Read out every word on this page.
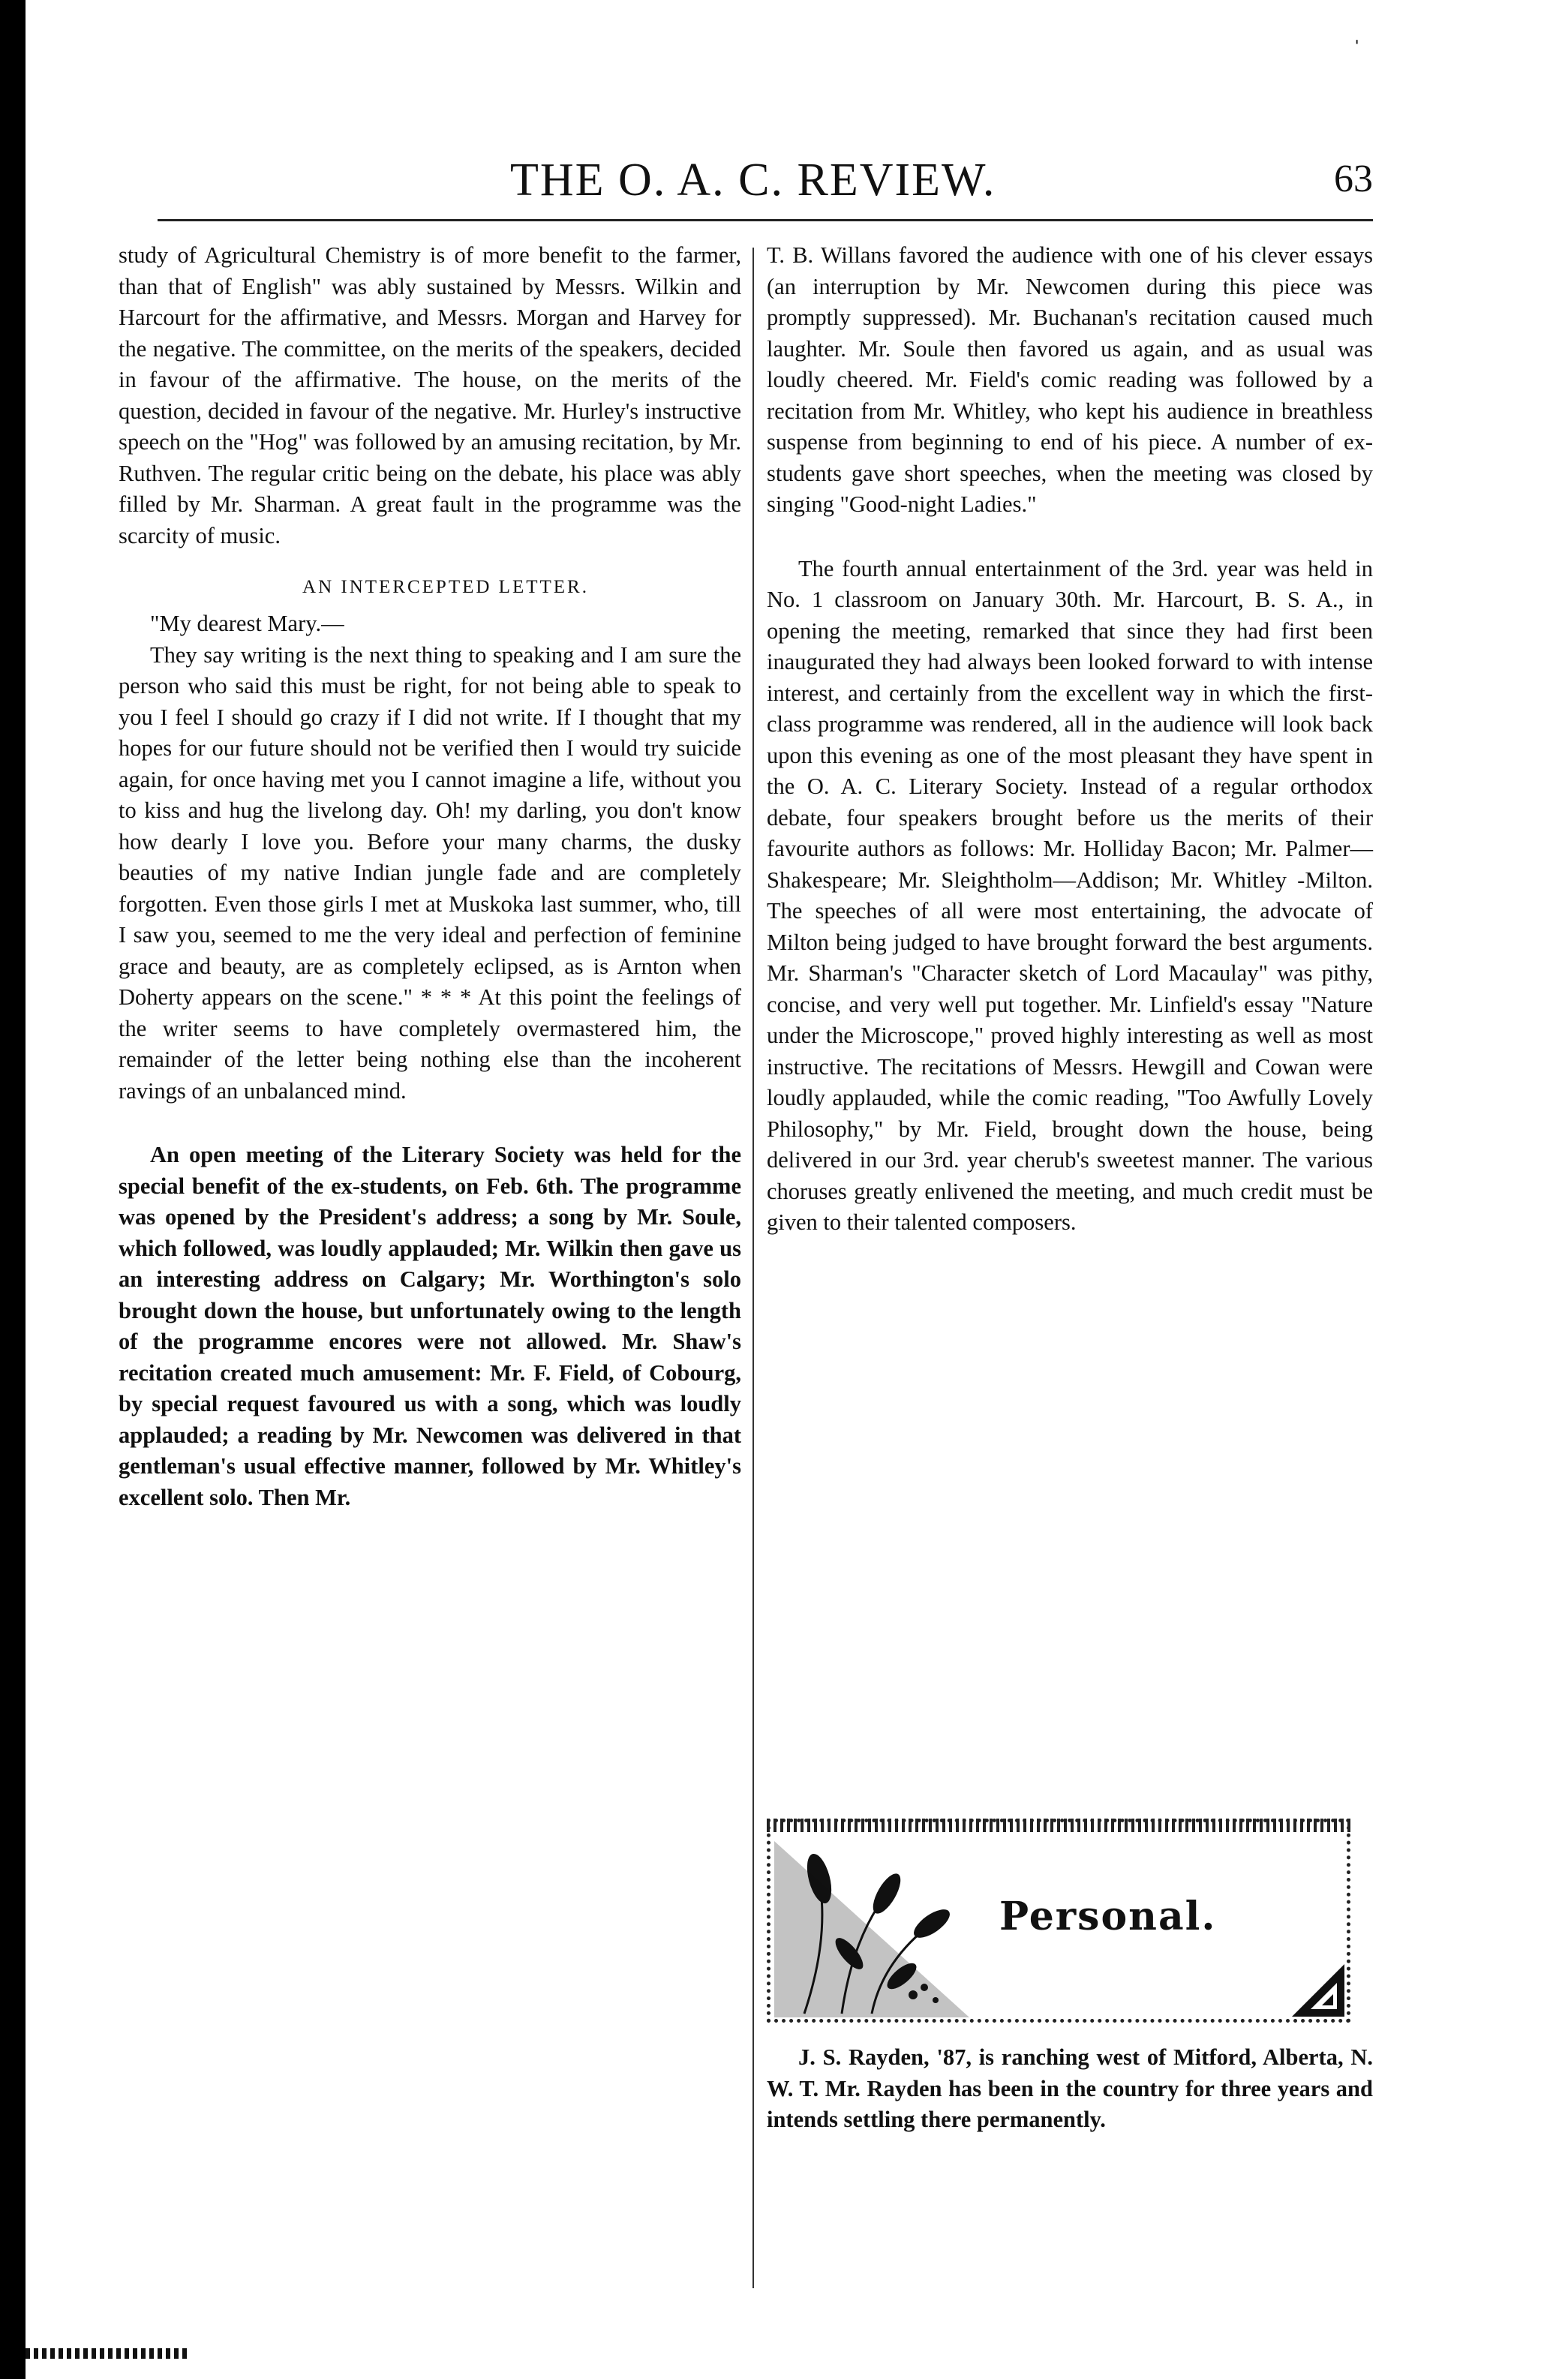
ˈ
THE O. A. C. REVIEW.	63

study of Agricultural Chemistry is of more benefit to the farmer, than that of English" was ably sustained by Messrs. Wilkin and Harcourt for the affirmative, and Messrs. Morgan and Harvey for the negative. The committee, on the merits of the speakers, decided in favour of the affirmative. The house, on the merits of the question, decided in favour of the negative. Mr. Hurley's instructive speech on the "Hog" was followed by an amusing recitation, by Mr. Ruthven. The regular critic being on the debate, his place was ably filled by Mr. Sharman. A great fault in the programme was the scarcity of music.

AN INTERCEPTED LETTER.

"My dearest Mary.—

They say writing is the next thing to speaking and I am sure the person who said this must be right, for not being able to speak to you I feel I should go crazy if I did not write. If I thought that my hopes for our future should not be verified then I would try suicide again, for once having met you I cannot imagine a life, without you to kiss and hug the livelong day. Oh! my darling, you don't know how dearly I love you. Before your many charms, the dusky beauties of my native Indian jungle fade and are completely forgotten. Even those girls I met at Muskoka last summer, who, till I saw you, seemed to me the very ideal and perfection of feminine grace and beauty, are as completely eclipsed, as is Arnton when Doherty appears on the scene." * * * At this point the feelings of the writer seems to have completely overmastered him, the remainder of the letter being nothing else than the incoherent ravings of an unbalanced mind.

An open meeting of the Literary Society was held for the special benefit of the ex-students, on Feb. 6th. The programme was opened by the President's address; a song by Mr. Soule, which followed, was loudly applauded; Mr. Wilkin then gave us an interesting address on Calgary; Mr. Worthington's solo brought down the house, but unfortunately owing to the length of the programme encores were not allowed. Mr. Shaw's recitation created much amusement: Mr. F. Field, of Cobourg, by special request favoured us with a song, which was loudly applauded; a reading by Mr. Newcomen was delivered in that gentleman's usual effective manner, followed by Mr. Whitley's excellent solo. Then Mr.

T. B. Willans favored the audience with one of his clever essays (an interruption by Mr. Newcomen during this piece was promptly suppressed). Mr. Buchanan's recitation caused much laughter. Mr. Soule then favored us again, and as usual was loudly cheered. Mr. Field's comic reading was followed by a recitation from Mr. Whitley, who kept his audience in breathless suspense from beginning to end of his piece. A number of ex-students gave short speeches, when the meeting was closed by singing "Good-night Ladies."

The fourth annual entertainment of the 3rd. year was held in No. 1 classroom on January 30th. Mr. Harcourt, B. S. A., in opening the meeting, remarked that since they had first been inaugurated they had always been looked forward to with intense interest, and certainly from the excellent way in which the first-class programme was rendered, all in the audience will look back upon this evening as one of the most pleasant they have spent in the O. A. C. Literary Society. Instead of a regular orthodox debate, four speakers brought before us the merits of their favourite authors as follows: Mr. Holliday Bacon; Mr. Palmer—Shakespeare; Mr. Sleightholm—Addison; Mr. Whitley -Milton. The speeches of all were most entertaining, the advocate of Milton being judged to have brought forward the best arguments. Mr. Sharman's "Character sketch of Lord Macaulay" was pithy, concise, and very well put together. Mr. Linfield's essay "Nature under the Microscope," proved highly interesting as well as most instructive. The recitations of Messrs. Hewgill and Cowan were loudly applauded, while the comic reading, "Too Awfully Lovely Philosophy," by Mr. Field, brought down the house, being delivered in our 3rd. year cherub's sweetest manner. The various choruses greatly enlivened the meeting, and much credit must be given to their talented composers.

Personal.

J. S. Rayden, '87, is ranching west of Mitford, Alberta, N. W. T. Mr. Rayden has been in the country for three years and intends settling there permanently.
